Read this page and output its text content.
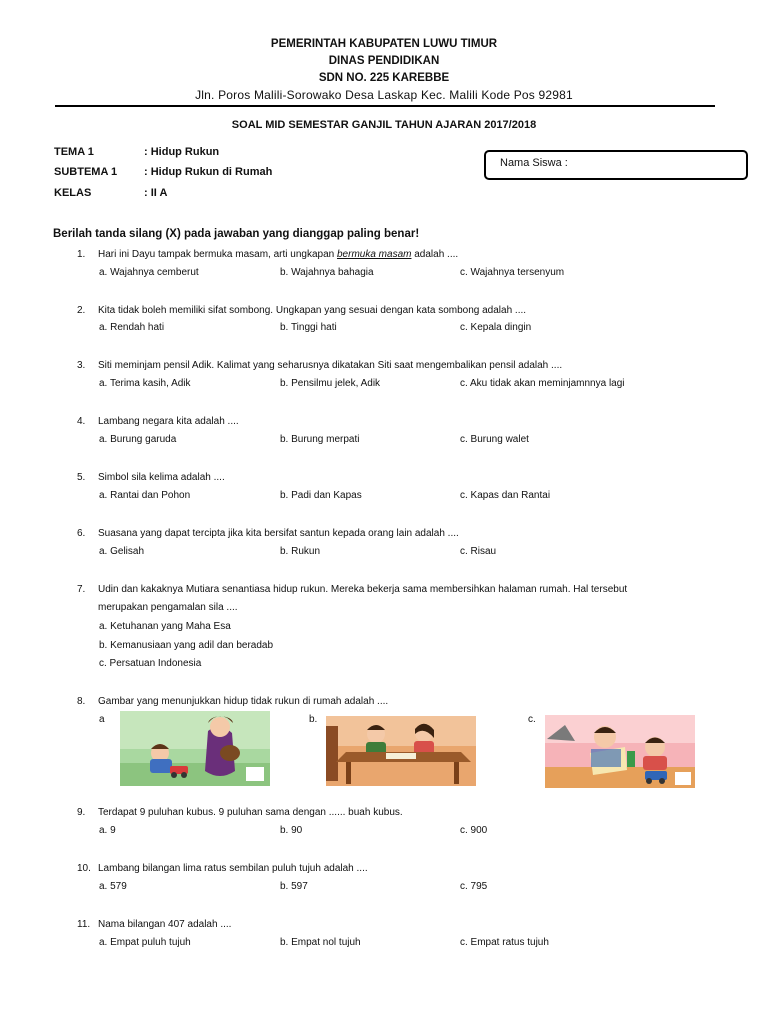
PEMERINTAH KABUPATEN LUWU TIMUR
DINAS PENDIDIKAN
SDN NO. 225 KAREBBE
Jln. Poros Malili-Sorowako Desa Laskap Kec. Malili Kode Pos 92981
SOAL MID SEMESTAR GANJIL TAHUN AJARAN 2017/2018
TEMA 1	: Hidup Rukun
SUBTEMA 1 : Hidup Rukun di Rumah
KELAS	: II A
Nama Siswa :
Berilah tanda silang (X) pada jawaban yang dianggap paling benar!
1. Hari ini Dayu tampak bermuka masam, arti ungkapan bermuka masam adalah ....
a. Wajahnya cemberut	b. Wajahnya bahagia	c. Wajahnya tersenyum
2. Kita tidak boleh memiliki sifat sombong. Ungkapan yang sesuai dengan kata sombong adalah ....
a. Rendah hati	b. Tinggi hati	c. Kepala dingin
3. Siti meminjam pensil Adik. Kalimat yang seharusnya dikatakan Siti saat mengembalikan pensil adalah ....
a. Terima kasih, Adik	b. Pensilmu jelek, Adik	c. Aku tidak akan meminjamnnya lagi
4. Lambang negara kita adalah ....
a. Burung garuda	b. Burung merpati	c. Burung walet
5. Simbol sila kelima adalah ....
a. Rantai dan Pohon	b. Padi dan Kapas	c. Kapas dan Rantai
6. Suasana yang dapat tercipta jika kita bersifat santun kepada orang lain adalah ....
a. Gelisah	b. Rukun	c. Risau
7. Udin dan kakaknya Mutiara senantiasa hidup rukun. Mereka bekerja sama membersihkan halaman rumah. Hal tersebut
merupakan pengamalan sila ....
a. Ketuhanan yang Maha Esa
b. Kemanusiaan yang adil dan beradab
c. Persatuan Indonesia
8. Gambar yang menunjukkan hidup tidak rukun di rumah adalah ....
a	b.	c.
9. Terdapat 9 puluhan kubus. 9 puluhan sama dengan ...... buah kubus.
a. 9	b. 90	c. 900
10. Lambang bilangan lima ratus sembilan puluh tujuh adalah ....
a. 579	b. 597	c. 795
11. Nama bilangan 407 adalah ....
a. Empat puluh tujuh	b. Empat nol tujuh	c. Empat ratus tujuh
